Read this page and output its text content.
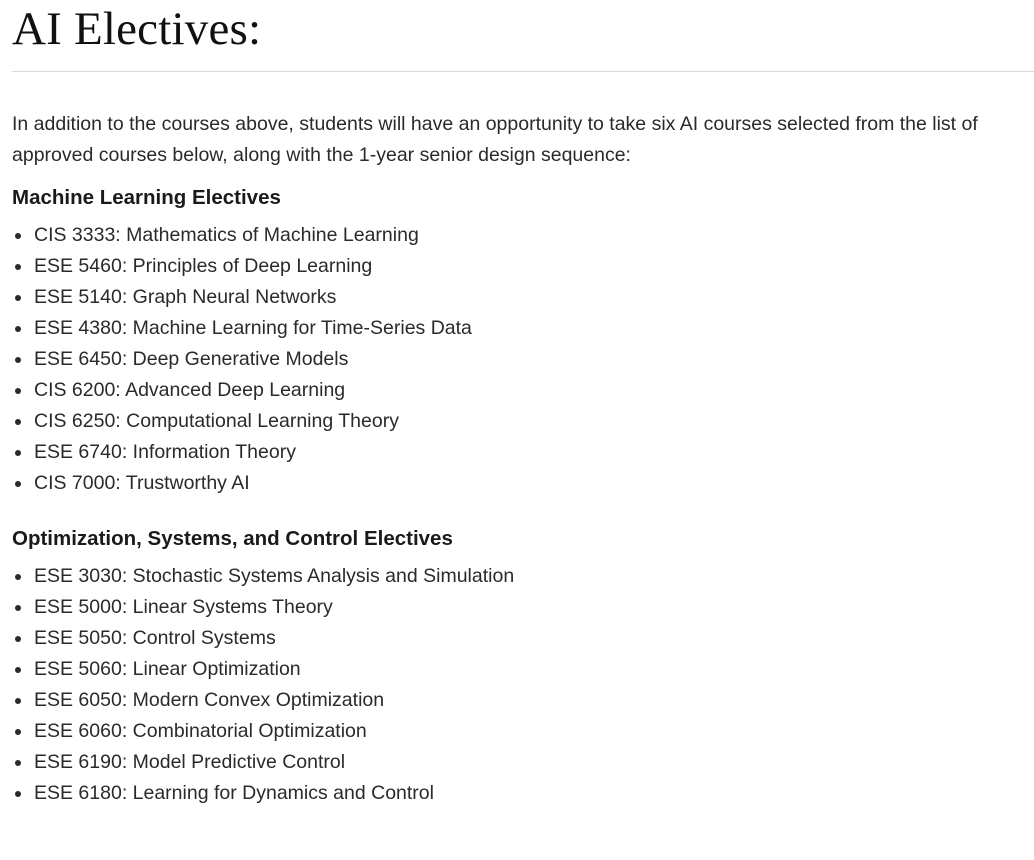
AI Electives:

In addition to the courses above, students will have an opportunity to take six AI courses selected from the list of approved courses below, along with the 1-year senior design sequence:

Machine Learning Electives
CIS 3333: Mathematics of Machine Learning
ESE 5460: Principles of Deep Learning
ESE 5140: Graph Neural Networks
ESE 4380: Machine Learning for Time-Series Data
ESE 6450: Deep Generative Models
CIS 6200: Advanced Deep Learning
CIS 6250: Computational Learning Theory
ESE 6740: Information Theory
CIS 7000: Trustworthy AI
Optimization, Systems, and Control Electives
ESE 3030: Stochastic Systems Analysis and Simulation
ESE 5000: Linear Systems Theory
ESE 5050: Control Systems
ESE 5060: Linear Optimization
ESE 6050: Modern Convex Optimization
ESE 6060: Combinatorial Optimization
ESE 6190: Model Predictive Control
ESE 6180: Learning for Dynamics and Control
